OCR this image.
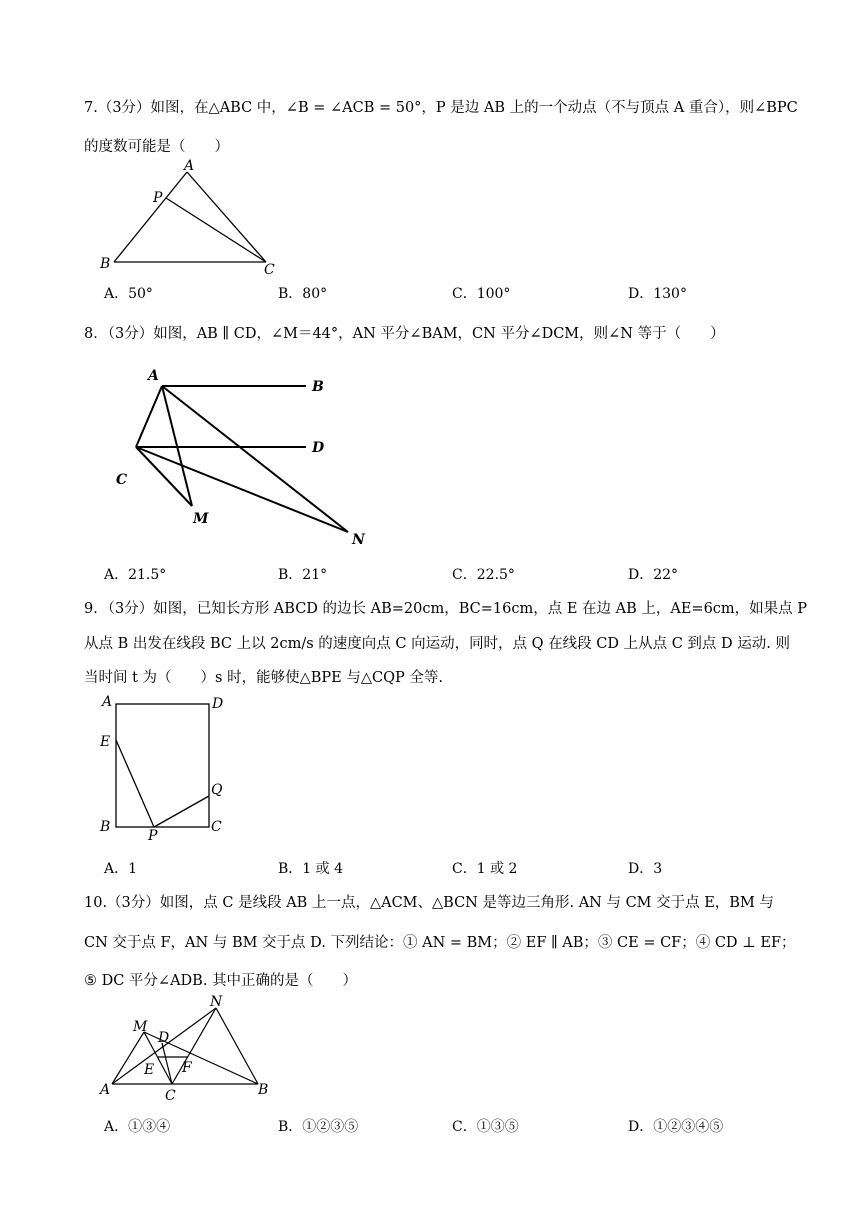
7.（3分）如图，在△ABC 中，∠B = ∠ACB = 50°，P 是边 AB 上的一个动点（不与顶点 A 重合），则∠BPC
的度数可能是（　　）
A
P
B	C
A．50°	B．80°	C．100°	D．130°
8．（3分）如图，AB ∥ CD，∠M＝44°，AN 平分∠BAM，CN 平分∠DCM，则∠N 等于（　　）
A
B
C
D
M
N
A．21.5°	B．21°	C．22.5°	D．22°
9．（3分）如图，已知长方形 ABCD 的边长 AB=20cm，BC=16cm，点 E 在边 AB 上，AE=6cm，如果点 P
从点 B 出发在线段 BC 上以 2cm/s 的速度向点 C 向运动，同时，点 Q 在线段 CD 上从点 C 到点 D 运动. 则
当时间 t 为（　　）s 时，能够使△BPE 与△CQP 全等.
A	D
E
Q
B
P
C
A．1	B．1 或 4	C．1 或 2	D．3
10.（3分）如图，点 C 是线段 AB 上一点，△ACM、△BCN 是等边三角形. AN 与 CM 交于点 E，BM 与
CN 交于点 F，AN 与 BM 交于点 D. 下列结论：① AN = BM；② EF ∥ AB；③ CE = CF；④ CD ⊥ EF；
⑤ DC 平分∠ADB. 其中正确的是（　　）
M
D
N
E F
A	C	B
A．①③④	B．①②③⑤	C．①③⑤	D．①②③④⑤
